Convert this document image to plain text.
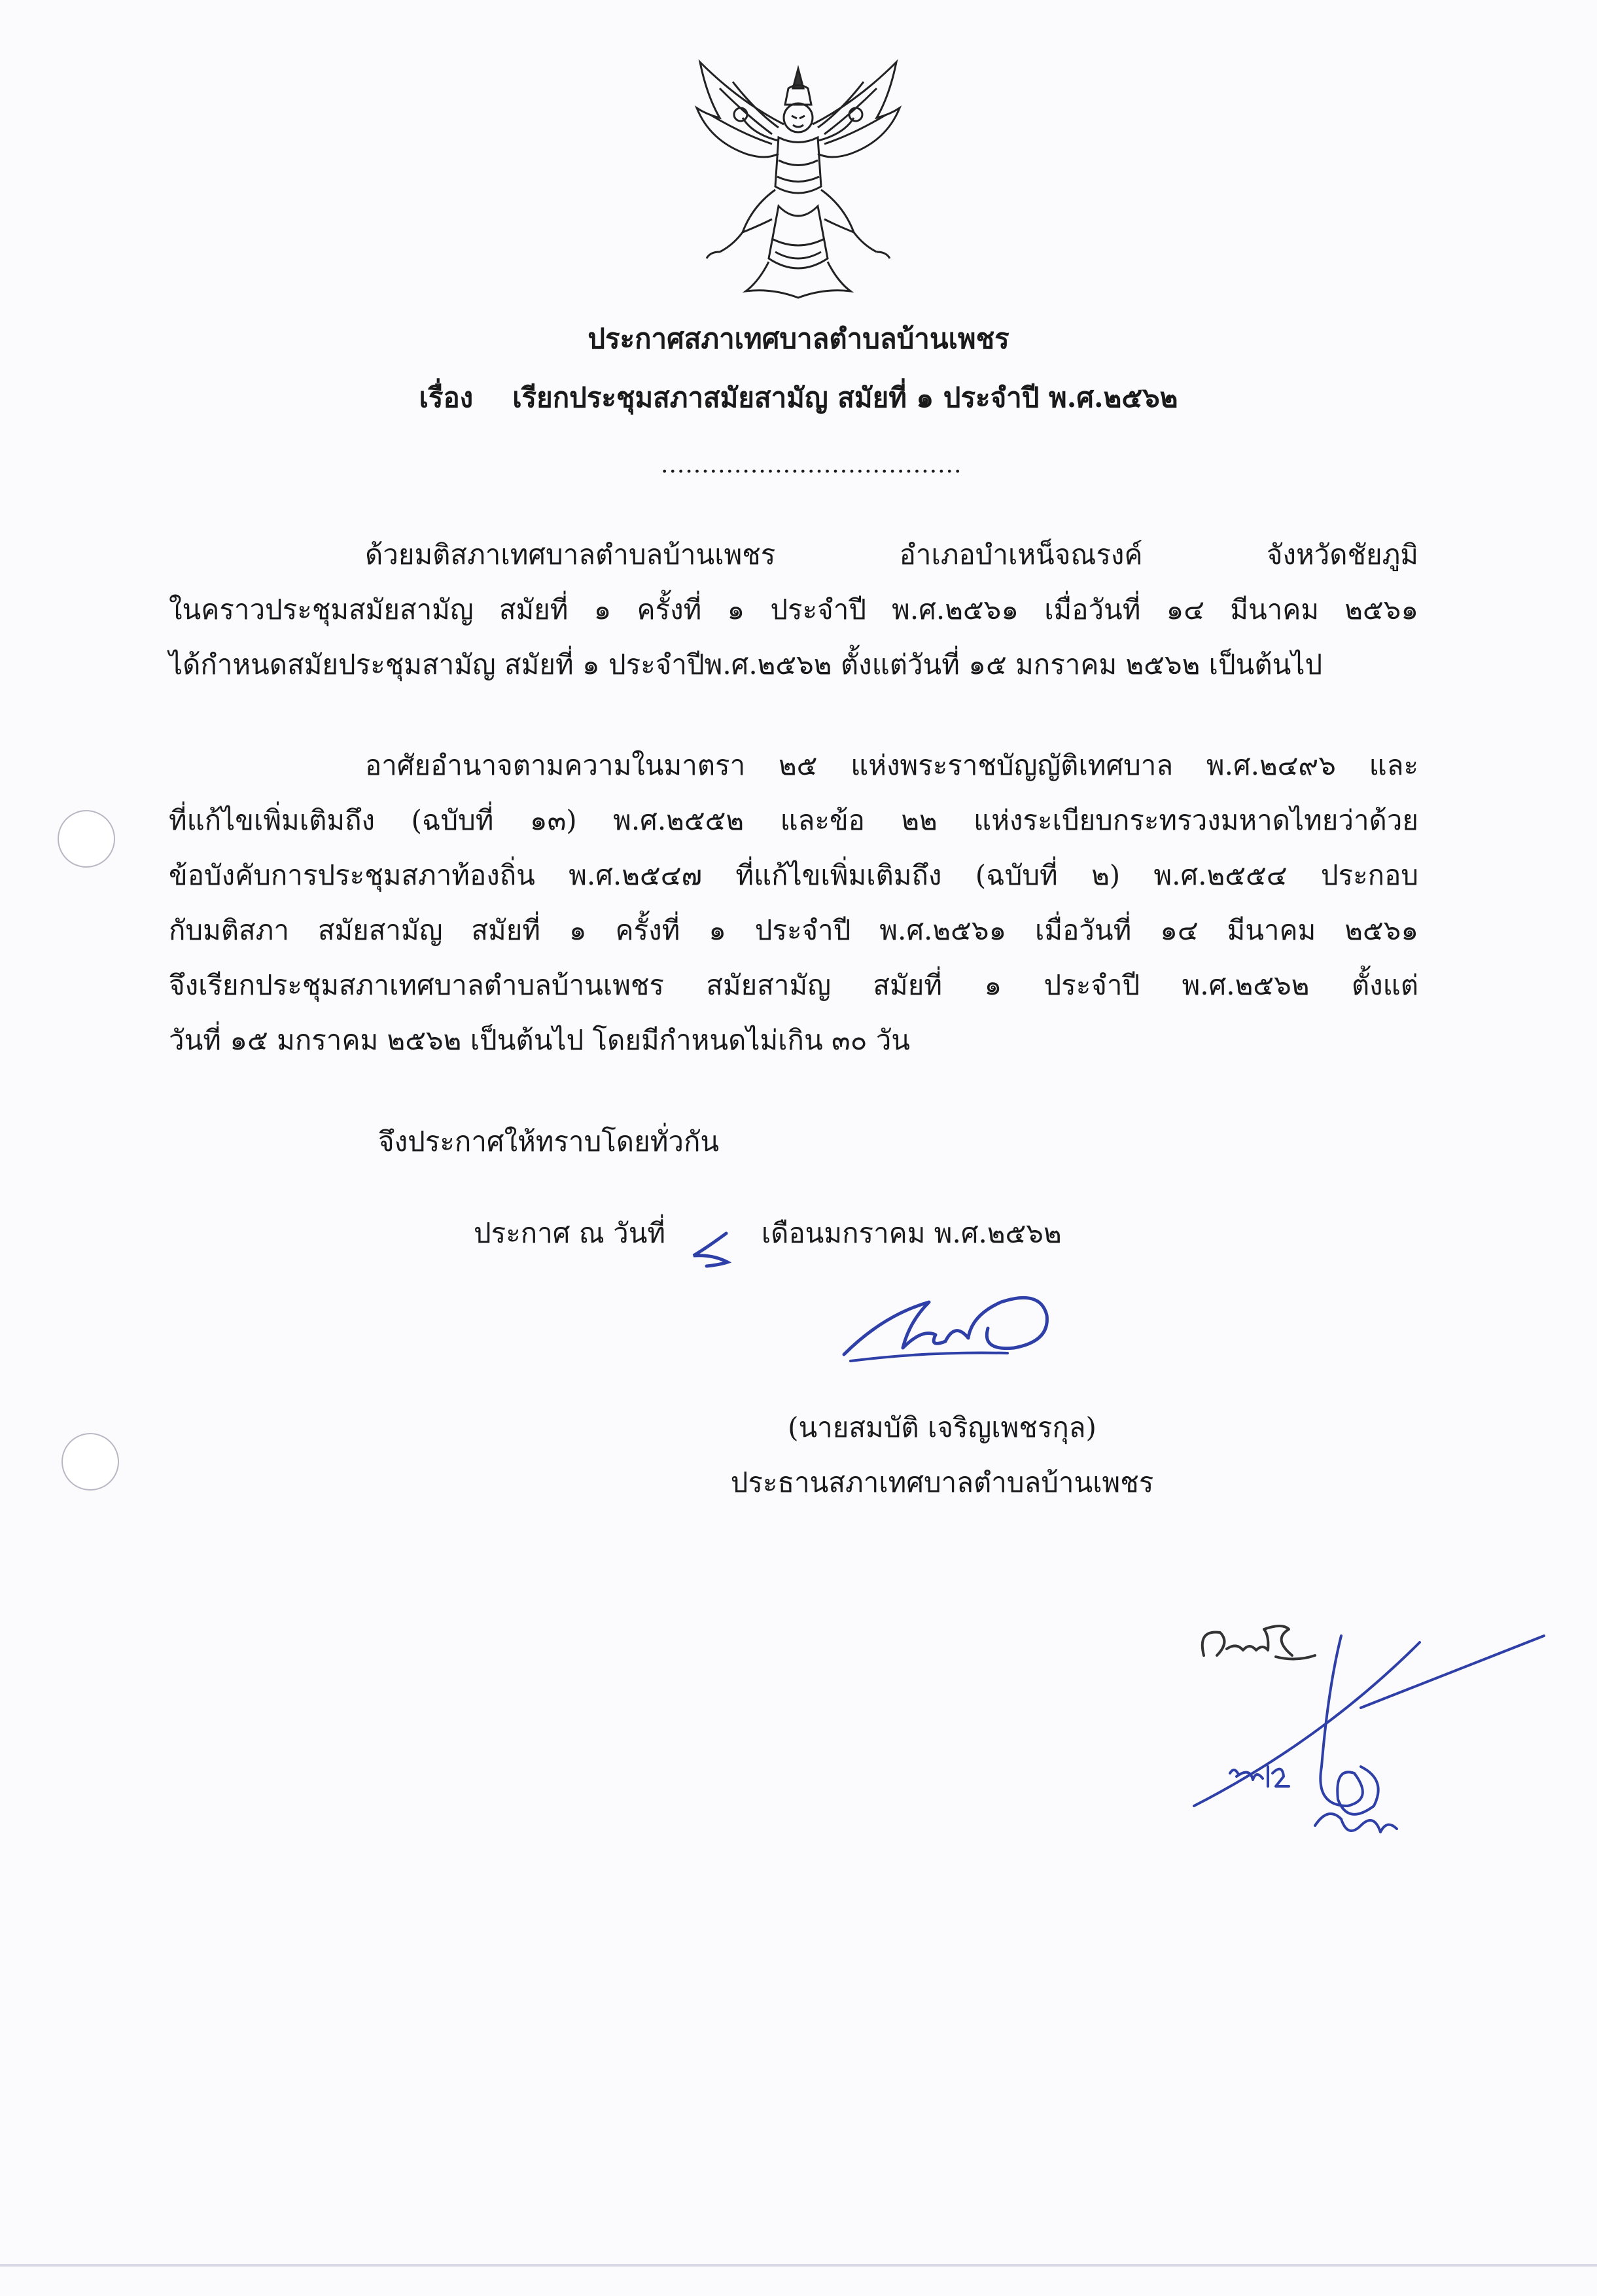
ประกาศสภาเทศบาลตำบลบ้านเพชร
เรื่อง เรียกประชุมสภาสมัยสามัญ สมัยที่ ๑ ประจำปี พ.ศ.๒๕๖๒
.....................................
ด้วยมติสภาเทศบาลตำบลบ้านเพชร อำเภอบำเหน็จณรงค์ จังหวัดชัยภูมิ
ในคราวประชุมสมัยสามัญ สมัยที่ ๑ ครั้งที่ ๑ ประจำปี พ.ศ.๒๕๖๑ เมื่อวันที่ ๑๔ มีนาคม ๒๕๖๑
ได้กำหนดสมัยประชุมสามัญ สมัยที่ ๑ ประจำปีพ.ศ.๒๕๖๒ ตั้งแต่วันที่ ๑๕ มกราคม ๒๕๖๒ เป็นต้นไป
อาศัยอำนาจตามความในมาตรา ๒๕ แห่งพระราชบัญญัติเทศบาล พ.ศ.๒๔๙๖ และ
ที่แก้ไขเพิ่มเติมถึง (ฉบับที่ ๑๓) พ.ศ.๒๕๕๒ และข้อ ๒๒ แห่งระเบียบกระทรวงมหาดไทยว่าด้วย
ข้อบังคับการประชุมสภาท้องถิ่น พ.ศ.๒๕๔๗ ที่แก้ไขเพิ่มเติมถึง (ฉบับที่ ๒) พ.ศ.๒๕๕๔ ประกอบ
กับมติสภา สมัยสามัญ สมัยที่ ๑ ครั้งที่ ๑ ประจำปี พ.ศ.๒๕๖๑ เมื่อวันที่ ๑๔ มีนาคม ๒๕๖๑
จึงเรียกประชุมสภาเทศบาลตำบลบ้านเพชร สมัยสามัญ สมัยที่ ๑ ประจำปี พ.ศ.๒๕๖๒ ตั้งแต่
วันที่ ๑๕ มกราคม ๒๕๖๒ เป็นต้นไป โดยมีกำหนดไม่เกิน ๓๐ วัน
จึงประกาศให้ทราบโดยทั่วกัน
ประกาศ ณ วันที่	เดือนมกราคม พ.ศ.๒๕๖๒
(นายสมบัติ เจริญเพชรกุล)
ประธานสภาเทศบาลตำบลบ้านเพชร
